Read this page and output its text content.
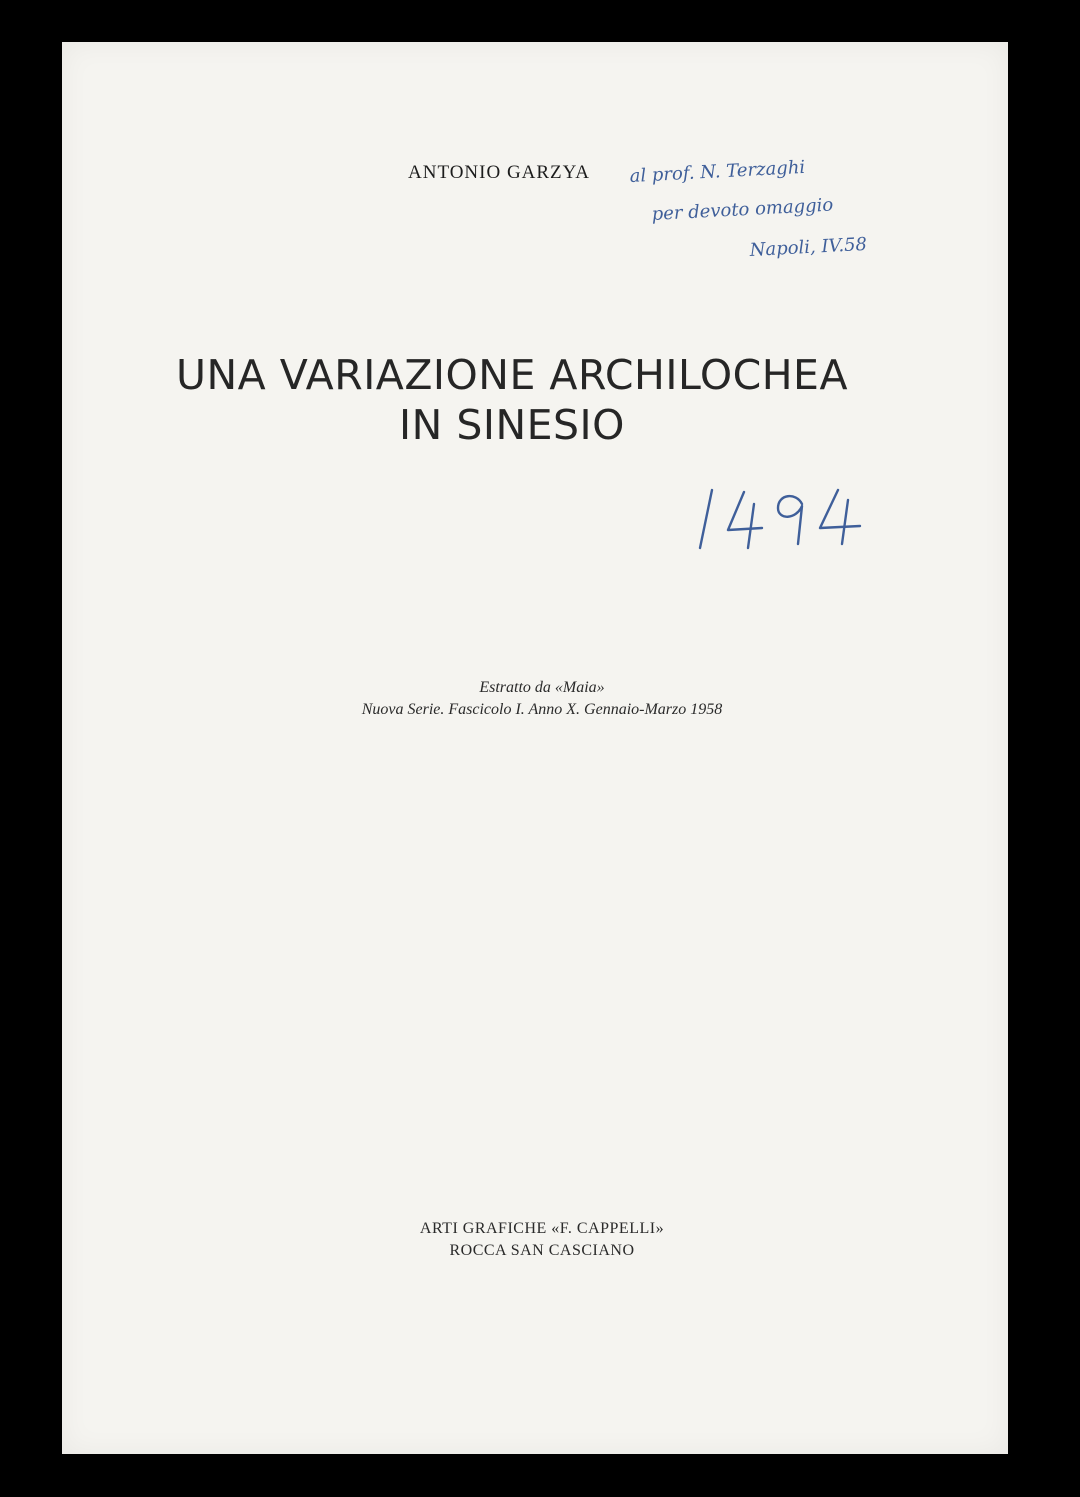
ANTONIO GARZYA al prof. N. Terzaghi
per devoto omaggio
Napoli, IV.58
UNA VARIAZIONE ARCHILOCHEA
IN SINESIO
Estratto da «Maia»
Nuova Serie. Fascicolo I. Anno X. Gennaio-Marzo 1958
ARTI GRAFICHE «F. CAPPELLI»
ROCCA SAN CASCIANO
